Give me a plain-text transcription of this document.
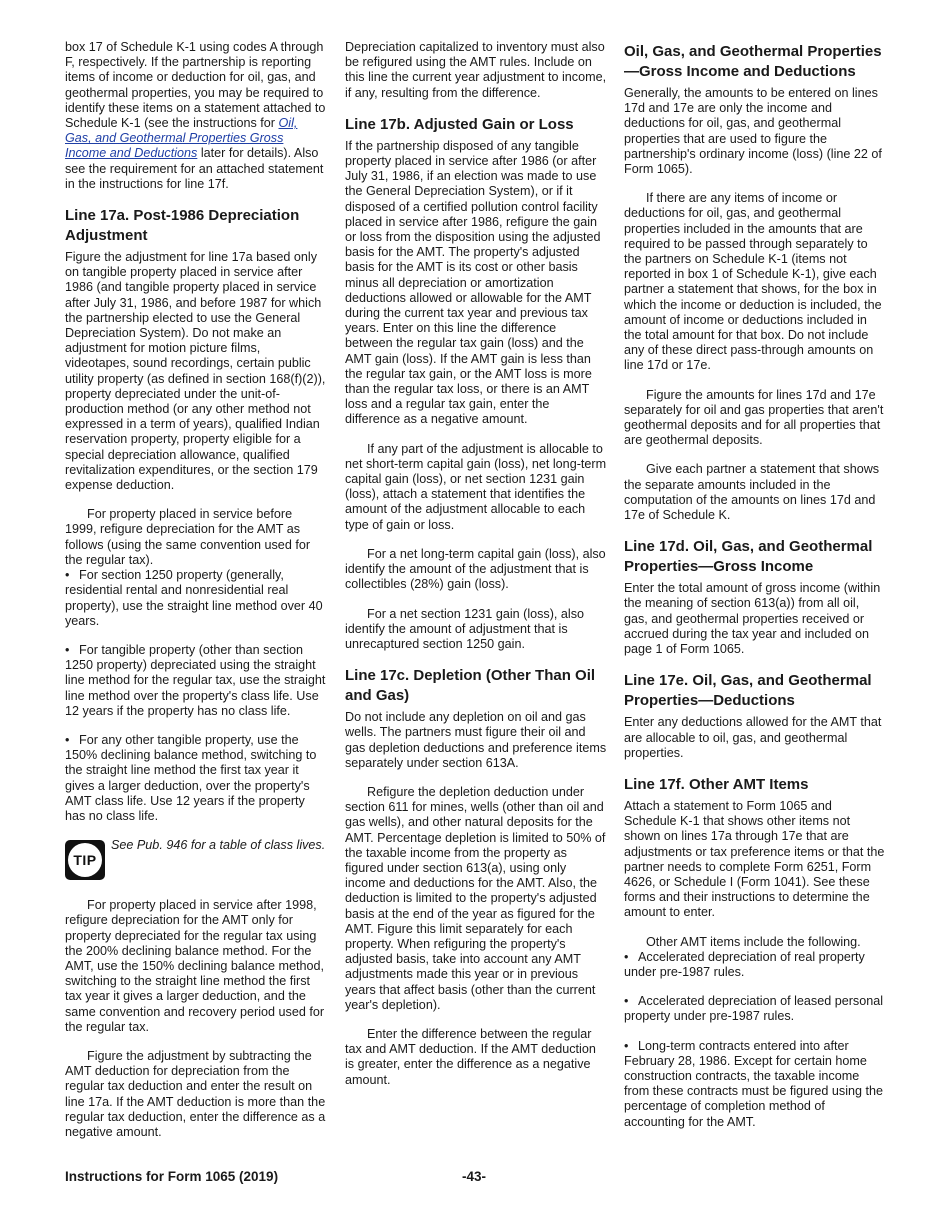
box 17 of Schedule K-1 using codes A through F, respectively. If the partnership is reporting items of income or deduction for oil, gas, and geothermal properties, you may be required to identify these items on a statement attached to Schedule K-1 (see the instructions for Oil, Gas, and Geothermal Properties Gross Income and Deductions later for details). Also see the requirement for an attached statement in the instructions for line 17f.

Line 17a. Post-1986 Depreciation Adjustment

Figure the adjustment for line 17a based only on tangible property placed in service after 1986 (and tangible property placed in service after July 31, 1986, and before 1987 for which the partnership elected to use the General Depreciation System). Do not make an adjustment for motion picture films, videotapes, sound recordings, certain public utility property (as defined in section 168(f)(2)), property depreciated under the unit-of-production method (or any other method not expressed in a term of years), qualified Indian reservation property, property eligible for a special depreciation allowance, qualified revitalization expenditures, or the section 179 expense deduction.

For property placed in service before 1999, refigure depreciation for the AMT as follows (using the same convention used for the regular tax).

• For section 1250 property (generally, residential rental and nonresidential real property), use the straight line method over 40 years.

• For tangible property (other than section 1250 property) depreciated using the straight line method for the regular tax, use the straight line method over the property's class life. Use 12 years if the property has no class life.

• For any other tangible property, use the 150% declining balance method, switching to the straight line method the first tax year it gives a larger deduction, over the property's AMT class life. Use 12 years if the property has no class life.

TIP
See Pub. 946 for a table of class lives.

For property placed in service after 1998, refigure depreciation for the AMT only for property depreciated for the regular tax using the 200% declining balance method. For the AMT, use the 150% declining balance method, switching to the straight line method the first tax year it gives a larger deduction, and the same convention and recovery period used for the regular tax.

Figure the adjustment by subtracting the AMT deduction for depreciation from the regular tax deduction and enter the result on line 17a. If the AMT deduction is more than the regular tax deduction, enter the difference as a negative amount.

Depreciation capitalized to inventory must also be refigured using the AMT rules. Include on this line the current year adjustment to income, if any, resulting from the difference.

Line 17b. Adjusted Gain or Loss

If the partnership disposed of any tangible property placed in service after 1986 (or after July 31, 1986, if an election was made to use the General Depreciation System), or if it disposed of a certified pollution control facility placed in service after 1986, refigure the gain or loss from the disposition using the adjusted basis for the AMT. The property's adjusted basis for the AMT is its cost or other basis minus all depreciation or amortization deductions allowed or allowable for the AMT during the current tax year and previous tax years. Enter on this line the difference between the regular tax gain (loss) and the AMT gain (loss). If the AMT gain is less than the regular tax gain, or the AMT loss is more than the regular tax loss, or there is an AMT loss and a regular tax gain, enter the difference as a negative amount.

If any part of the adjustment is allocable to net short-term capital gain (loss), net long-term capital gain (loss), or net section 1231 gain (loss), attach a statement that identifies the amount of the adjustment allocable to each type of gain or loss.

For a net long-term capital gain (loss), also identify the amount of the adjustment that is collectibles (28%) gain (loss).

For a net section 1231 gain (loss), also identify the amount of adjustment that is unrecaptured section 1250 gain.

Line 17c. Depletion (Other Than Oil and Gas)

Do not include any depletion on oil and gas wells. The partners must figure their oil and gas depletion deductions and preference items separately under section 613A.

Refigure the depletion deduction under section 611 for mines, wells (other than oil and gas wells), and other natural deposits for the AMT. Percentage depletion is limited to 50% of the taxable income from the property as figured under section 613(a), using only income and deductions for the AMT. Also, the deduction is limited to the property's adjusted basis at the end of the year as figured for the AMT. Figure this limit separately for each property. When refiguring the property's adjusted basis, take into account any AMT adjustments made this year or in previous years that affect basis (other than the current year's depletion).

Enter the difference between the regular tax and AMT deduction. If the AMT deduction is greater, enter the difference as a negative amount.

Oil, Gas, and Geothermal Properties—Gross Income and Deductions

Generally, the amounts to be entered on lines 17d and 17e are only the income and deductions for oil, gas, and geothermal properties that are used to figure the partnership's ordinary income (loss) (line 22 of Form 1065).

If there are any items of income or deductions for oil, gas, and geothermal properties included in the amounts that are required to be passed through separately to the partners on Schedule K-1 (items not reported in box 1 of Schedule K-1), give each partner a statement that shows, for the box in which the income or deduction is included, the amount of income or deductions included in the total amount for that box. Do not include any of these direct pass-through amounts on line 17d or 17e.

Figure the amounts for lines 17d and 17e separately for oil and gas properties that aren't geothermal deposits and for all properties that are geothermal deposits.

Give each partner a statement that shows the separate amounts included in the computation of the amounts on lines 17d and 17e of Schedule K.

Line 17d. Oil, Gas, and Geothermal Properties—Gross Income

Enter the total amount of gross income (within the meaning of section 613(a)) from all oil, gas, and geothermal properties received or accrued during the tax year and included on page 1 of Form 1065.

Line 17e. Oil, Gas, and Geothermal Properties—Deductions

Enter any deductions allowed for the AMT that are allocable to oil, gas, and geothermal properties.

Line 17f. Other AMT Items

Attach a statement to Form 1065 and Schedule K-1 that shows other items not shown on lines 17a through 17e that are adjustments or tax preference items or that the partner needs to complete Form 6251, Form 4626, or Schedule I (Form 1041). See these forms and their instructions to determine the amount to enter.

Other AMT items include the following.

• Accelerated depreciation of real property under pre-1987 rules.

• Accelerated depreciation of leased personal property under pre-1987 rules.

• Long-term contracts entered into after February 28, 1986. Except for certain home construction contracts, the taxable income from these contracts must be figured using the percentage of completion method of accounting for the AMT.

Instructions for Form 1065 (2019)	-43-
